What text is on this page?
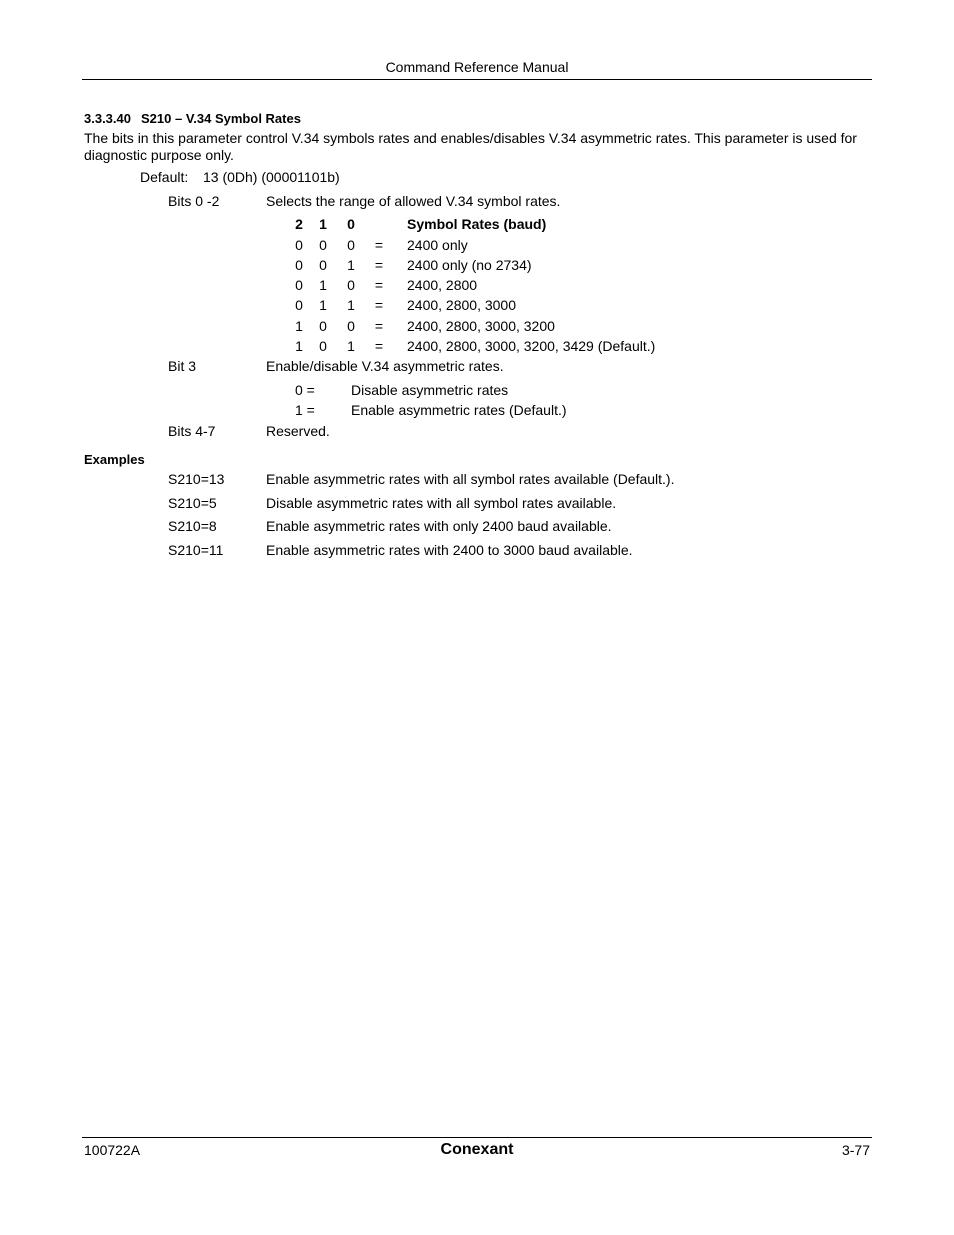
Command Reference Manual
3.3.3.40 S210 – V.34 Symbol Rates
The bits in this parameter control V.34 symbols rates and enables/disables V.34 asymmetric rates. This parameter is used for diagnostic purpose only.
Default: 13 (0Dh) (00001101b)
Bits 0 -2	Selects the range of allowed V.34 symbol rates.
2 1 0	Symbol Rates (baud)
0 0 0 = 2400 only
0 0 1 = 2400 only (no 2734)
0 1 0 = 2400, 2800
0 1 1 = 2400, 2800, 3000
1 0 0 = 2400, 2800, 3000, 3200
1 0 1 = 2400, 2800, 3000, 3200, 3429 (Default.)
Bit 3	Enable/disable V.34 asymmetric rates.
0 =	Disable asymmetric rates
1 =	Enable asymmetric rates (Default.)
Bits 4-7	Reserved.
Examples
S210=13	Enable asymmetric rates with all symbol rates available (Default.).
S210=5	Disable asymmetric rates with all symbol rates available.
S210=8	Enable asymmetric rates with only 2400 baud available.
S210=11	Enable asymmetric rates with 2400 to 3000 baud available.
100722A	Conexant	3-77
